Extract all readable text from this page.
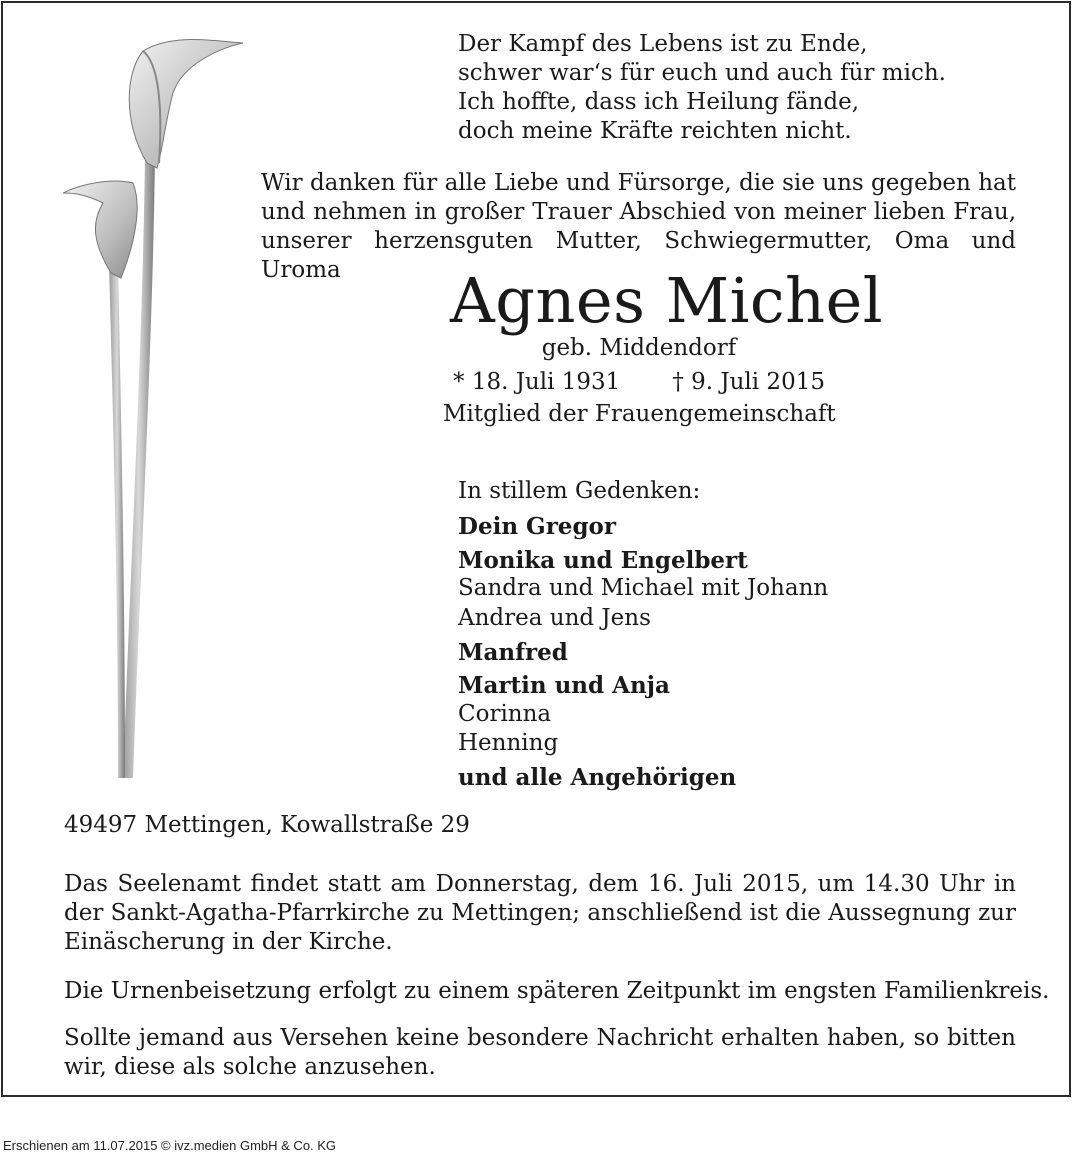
Der Kampf des Lebens ist zu Ende,
schwer war‘s für euch und auch für mich.
Ich hoffte, dass ich Heilung fände,
doch meine Kräfte reichten nicht.
Wir danken für alle Liebe und Fürsorge, die sie uns gegeben hat
und nehmen in großer Trauer Abschied von meiner lieben Frau,
unserer herzensguten Mutter, Schwiegermutter, Oma und Uroma	Agnes Michel
geb. Middendorf
* 18. Juli 1931 † 9. Juli 2015
Mitglied der Frauengemeinschaft
In stillem Gedenken:
Dein Gregor
Monika und Engelbert
Sandra und Michael mit Johann
Andrea und Jens
Manfred
Martin und Anja
Corinna
Henning
und alle Angehörigen
49497 Mettingen, Kowallstraße 29
Das Seelenamt findet statt am Donnerstag, dem 16. Juli 2015, um 14.30 Uhr in
der Sankt-Agatha-Pfarrkirche zu Mettingen; anschließend ist die Aussegnung zur
Einäscherung in der Kirche.
Die Urnenbeisetzung erfolgt zu einem späteren Zeitpunkt im engsten Familienkreis.
Sollte jemand aus Versehen keine besondere Nachricht erhalten haben, so bitten
wir, diese als solche anzusehen.
Erschienen am 11.07.2015 © ivz.medien GmbH & Co. KG
